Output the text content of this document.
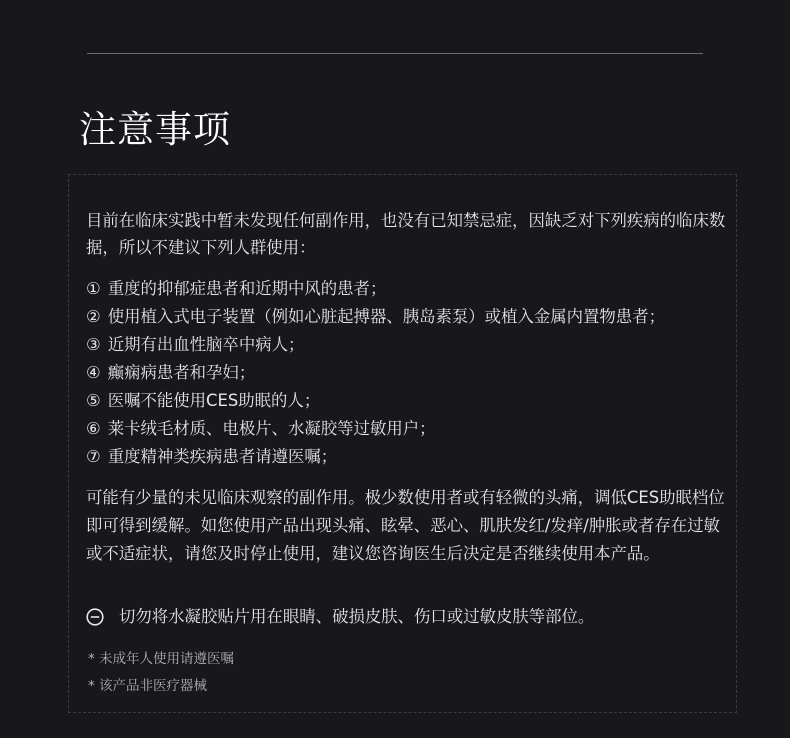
注意事项

目前在临床实践中暂未发现任何副作用，也没有已知禁忌症，因缺乏对下列疾病的临床数据，所以不建议下列人群使用：

① 重度的抑郁症患者和近期中风的患者；
② 使用植入式电子装置（例如心脏起搏器、胰岛素泵）或植入金属内置物患者；
③ 近期有出血性脑卒中病人；
④ 癫痫病患者和孕妇；
⑤ 医嘱不能使用CES助眠的人；
⑥ 莱卡绒毛材质、电极片、水凝胶等过敏用户；
⑦ 重度精神类疾病患者请遵医嘱；

可能有少量的未见临床观察的副作用。极少数使用者或有轻微的头痛，调低CES助眠档位即可得到缓解。如您使用产品出现头痛、眩晕、恶心、肌肤发红/发痒/肿胀或者存在过敏或不适症状，请您及时停止使用，建议您咨询医生后决定是否继续使用本产品。

切勿将水凝胶贴片用在眼睛、破损皮肤、伤口或过敏皮肤等部位。
* 未成年人使用请遵医嘱
* 该产品非医疗器械
